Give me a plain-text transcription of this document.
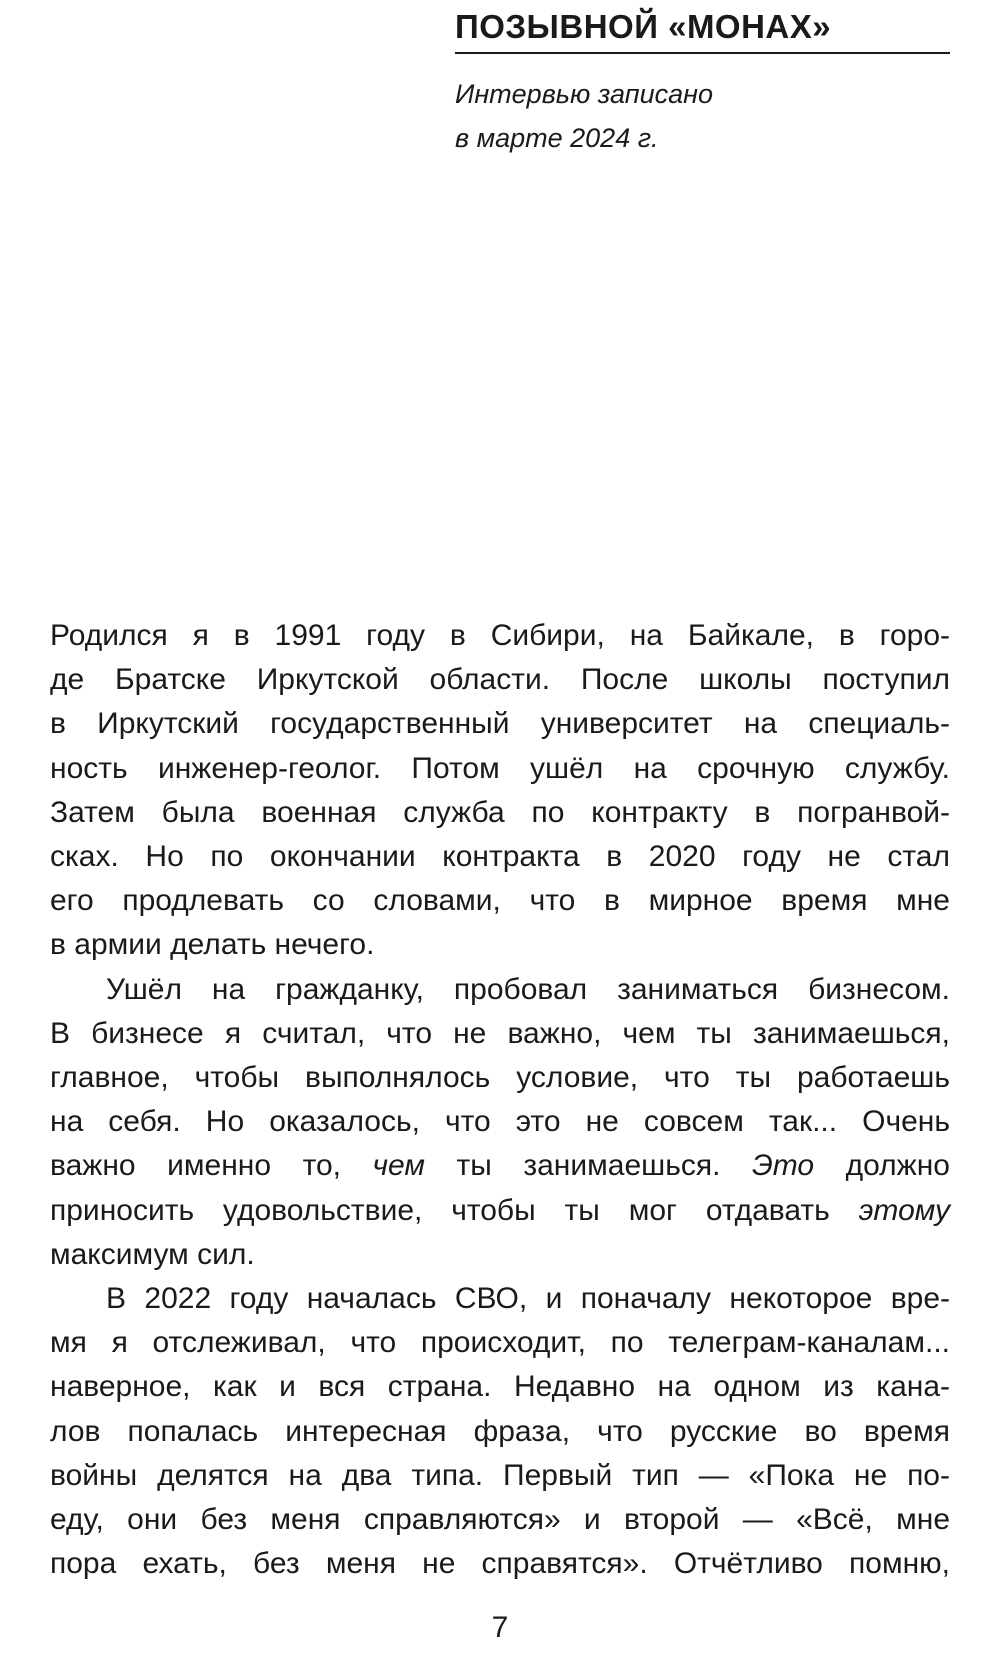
ПОЗЫВНОЙ «МОНАХ»

Интервью записано
в марте 2024 г.

Родился я в 1991 году в Сибири, на Байкале, в горо-
де Братске Иркутской области. После школы поступил
в Иркутский государственный университет на специаль-
ность инженер-геолог. Потом ушёл на срочную службу.
Затем была военная служба по контракту в погранвой-
сках. Но по окончании контракта в 2020 году не стал
его продлевать со словами, что в мирное время мне
в армии делать нечего.

Ушёл на гражданку, пробовал заниматься бизнесом.
В бизнесе я считал, что не важно, чем ты занимаешься,
главное, чтобы выполнялось условие, что ты работаешь
на себя. Но оказалось, что это не совсем так... Очень
важно именно то, чем ты занимаешься. Это должно
приносить удовольствие, чтобы ты мог отдавать этому
максимум сил.

В 2022 году началась СВО, и поначалу некоторое вре-
мя я отслеживал, что происходит, по телеграм-каналам...
наверное, как и вся страна. Недавно на одном из кана-
лов попалась интересная фраза, что русские во время
войны делятся на два типа. Первый тип — «Пока не по-
еду, они без меня справляются» и второй — «Всё, мне
пора ехать, без меня не справятся». Отчётливо помню,

7
